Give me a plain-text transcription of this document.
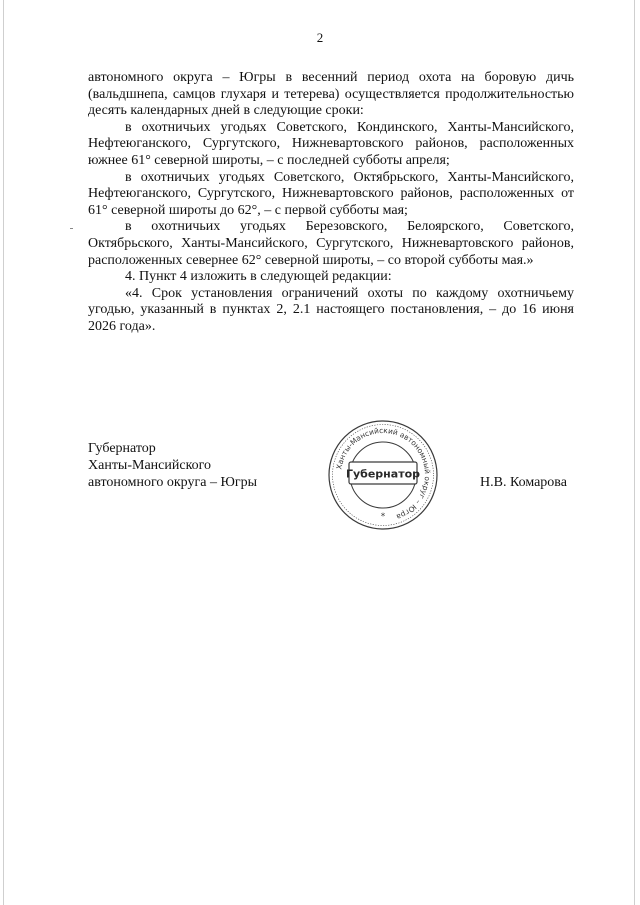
2

автономного округа – Югры в весенний период охота на боровую дичь (вальдшнепа, самцов глухаря и тетерева) осуществляется продолжительностью десять календарных дней в следующие сроки:

в охотничьих угодьях Советского, Кондинского, Ханты-Мансийского, Нефтеюганского, Сургутского, Нижневартовского районов, расположенных южнее 61° северной широты, – с последней субботы апреля;

в охотничьих угодьях Советского, Октябрьского, Ханты-Мансийского, Нефтеюганского, Сургутского, Нижневартовского районов, расположенных от 61° северной широты до 62°, – с первой субботы мая;

в охотничьих угодьях Березовского, Белоярского, Советского, Октябрьского, Ханты-Мансийского, Сургутского, Нижневартовского районов, расположенных севернее 62° северной широты, – со второй субботы мая.»

4. Пункт 4 изложить в следующей редакции:

«4. Срок установления ограничений охоты по каждому охотничьему угодью, указанный в пунктах 2, 2.1 настоящего постановления, – до 16 июня 2026 года».

Губернатор
Ханты-Мансийского
автономного округа – Югры	Н.В. Комарова
Ханты-Мансийский автономный округ – Югра
Губернатор
*
